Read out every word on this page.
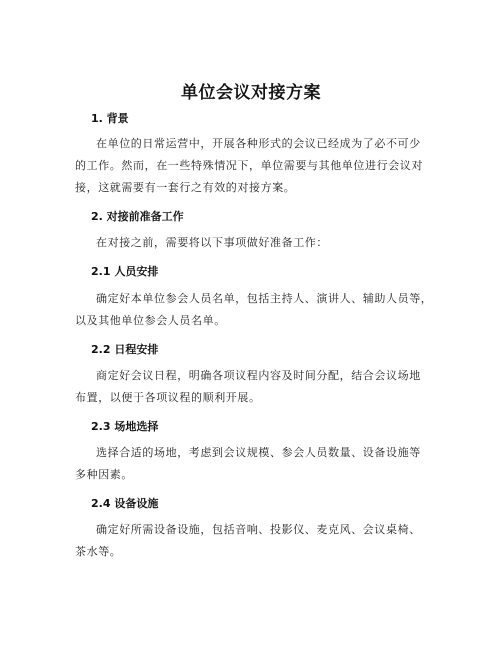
单位会议对接方案
1. 背景
在单位的日常运营中，开展各种形式的会议已经成为了必不可少
的工作。然而，在一些特殊情况下，单位需要与其他单位进行会议对
接，这就需要有一套行之有效的对接方案。
2. 对接前准备工作
在对接之前，需要将以下事项做好准备工作：
2.1 人员安排
确定好本单位参会人员名单，包括主持人、演讲人、辅助人员等，
以及其他单位参会人员名单。
2.2 日程安排
商定好会议日程，明确各项议程内容及时间分配，结合会议场地
布置，以便于各项议程的顺利开展。
2.3 场地选择
选择合适的场地，考虑到会议规模、参会人员数量、设备设施等
多种因素。
2.4 设备设施
确定好所需设备设施，包括音响、投影仪、麦克风、会议桌椅、
茶水等。
